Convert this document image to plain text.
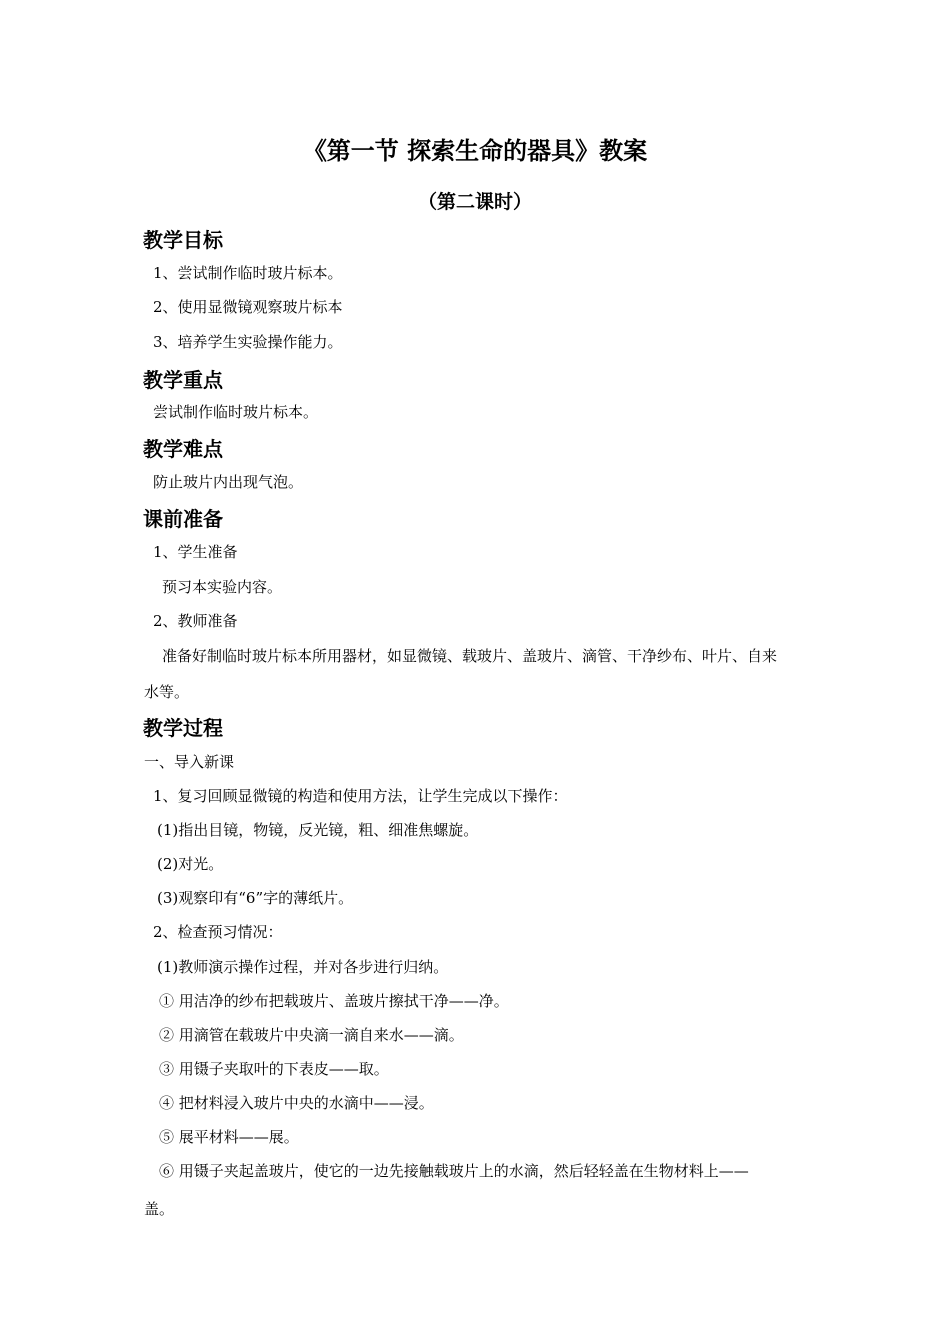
《第一节 探索生命的器具》教案
（第二课时）
教学目标
1、尝试制作临时玻片标本。
2、使用显微镜观察玻片标本
3、培养学生实验操作能力。
教学重点
尝试制作临时玻片标本。
教学难点
防止玻片内出现气泡。
课前准备
1、学生准备
预习本实验内容。
2、教师准备
准备好制临时玻片标本所用器材，如显微镜、载玻片、盖玻片、滴管、干净纱布、叶片、自来
水等。
教学过程
一、导入新课
1、复习回顾显微镜的构造和使用方法，让学生完成以下操作：
(1)指出目镜，物镜，反光镜，粗、细准焦螺旋。
(2)对光。
(3)观察印有“6”字的薄纸片。
2、检查预习情况：
(1)教师演示操作过程，并对各步进行归纳。
① 用洁净的纱布把载玻片、盖玻片擦拭干净——净。
② 用滴管在载玻片中央滴一滴自来水——滴。
③ 用镊子夹取叶的下表皮——取。
④ 把材料浸入玻片中央的水滴中——浸。
⑤ 展平材料——展。
⑥ 用镊子夹起盖玻片，使它的一边先接触载玻片上的水滴，然后轻轻盖在生物材料上——
盖。
